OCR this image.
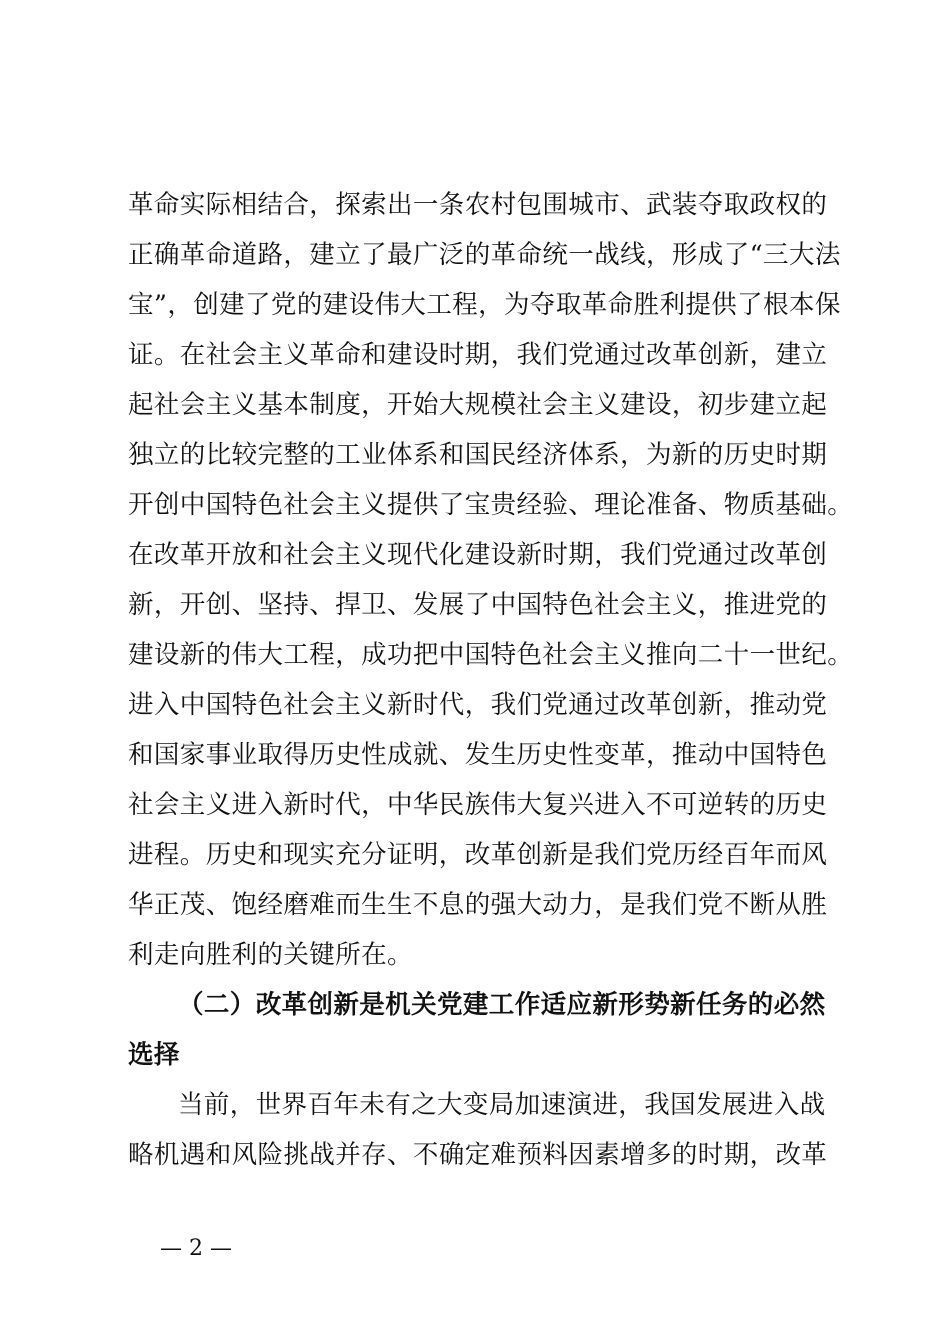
革命实际相结合，探索出一条农村包围城市、武装夺取政权的
正确革命道路，建立了最广泛的革命统一战线，形成了“三大法
宝”，创建了党的建设伟大工程，为夺取革命胜利提供了根本保
证。在社会主义革命和建设时期，我们党通过改革创新，建立
起社会主义基本制度，开始大规模社会主义建设，初步建立起
独立的比较完整的工业体系和国民经济体系，为新的历史时期
开创中国特色社会主义提供了宝贵经验、理论准备、物质基础。
在改革开放和社会主义现代化建设新时期，我们党通过改革创
新，开创、坚持、捍卫、发展了中国特色社会主义，推进党的
建设新的伟大工程，成功把中国特色社会主义推向二十一世纪。
进入中国特色社会主义新时代，我们党通过改革创新，推动党
和国家事业取得历史性成就、发生历史性变革，推动中国特色
社会主义进入新时代，中华民族伟大复兴进入不可逆转的历史
进程。历史和现实充分证明，改革创新是我们党历经百年而风
华正茂、饱经磨难而生生不息的强大动力，是我们党不断从胜
利走向胜利的关键所在。
（二）改革创新是机关党建工作适应新形势新任务的必然
选择
当前，世界百年未有之大变局加速演进，我国发展进入战
略机遇和风险挑战并存、不确定难预料因素增多的时期，改革
— 2 —
